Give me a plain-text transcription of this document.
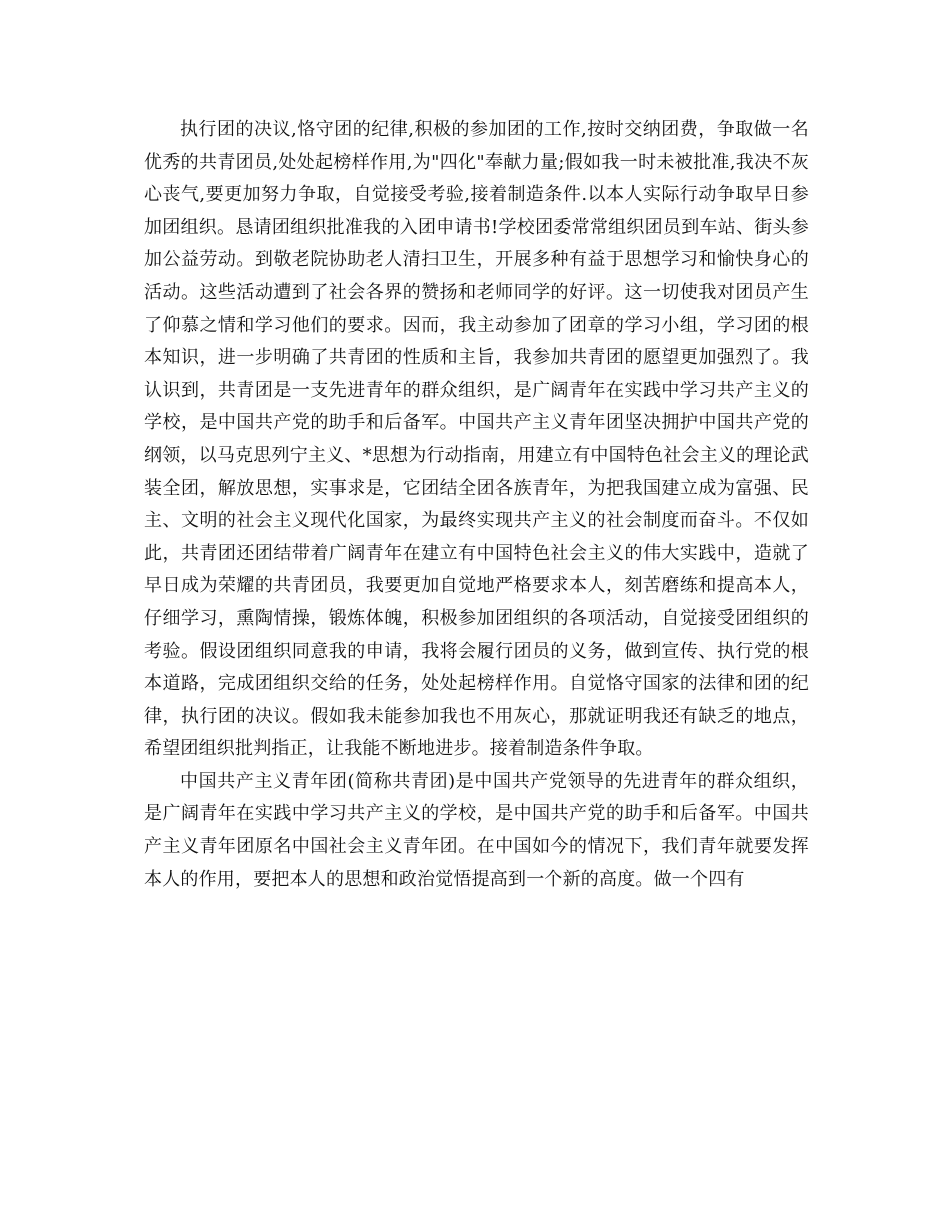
执行团的决议,恪守团的纪律,积极的参加团的工作,按时交纳团费，争取做一名优秀的共青团员,处处起榜样作用,为"四化"奉献力量;假如我一时未被批准,我决不灰心丧气,要更加努力争取，自觉接受考验,接着制造条件.以本人实际行动争取早日参加团组织。恳请团组织批准我的入团申请书!学校团委常常组织团员到车站、街头参加公益劳动。到敬老院协助老人清扫卫生，开展多种有益于思想学习和愉快身心的活动。这些活动遭到了社会各界的赞扬和老师同学的好评。这一切使我对团员产生了仰慕之情和学习他们的要求。因而，我主动参加了团章的学习小组，学习团的根本知识，进一步明确了共青团的性质和主旨，我参加共青团的愿望更加强烈了。我认识到，共青团是一支先进青年的群众组织，是广阔青年在实践中学习共产主义的学校，是中国共产党的助手和后备军。中国共产主义青年团坚决拥护中国共产党的纲领，以马克思列宁主义、*思想为行动指南，用建立有中国特色社会主义的理论武装全团，解放思想，实事求是，它团结全团各族青年，为把我国建立成为富强、民主、文明的社会主义现代化国家，为最终实现共产主义的社会制度而奋斗。不仅如此，共青团还团结带着广阔青年在建立有中国特色社会主义的伟大实践中，造就了早日成为荣耀的共青团员，我要更加自觉地严格要求本人，刻苦磨练和提高本人，仔细学习，熏陶情操，锻炼体魄，积极参加团组织的各项活动，自觉接受团组织的考验。假设团组织同意我的申请，我将会履行团员的义务，做到宣传、执行党的根本道路，完成团组织交给的任务，处处起榜样作用。自觉恪守国家的法律和团的纪律，执行团的决议。假如我未能参加我也不用灰心，那就证明我还有缺乏的地点，希望团组织批判指正，让我能不断地进步。接着制造条件争取。

中国共产主义青年团(简称共青团)是中国共产党领导的先进青年的群众组织，是广阔青年在实践中学习共产主义的学校，是中国共产党的助手和后备军。中国共产主义青年团原名中国社会主义青年团。在中国如今的情况下，我们青年就要发挥本人的作用，要把本人的思想和政治觉悟提高到一个新的高度。做一个四有
